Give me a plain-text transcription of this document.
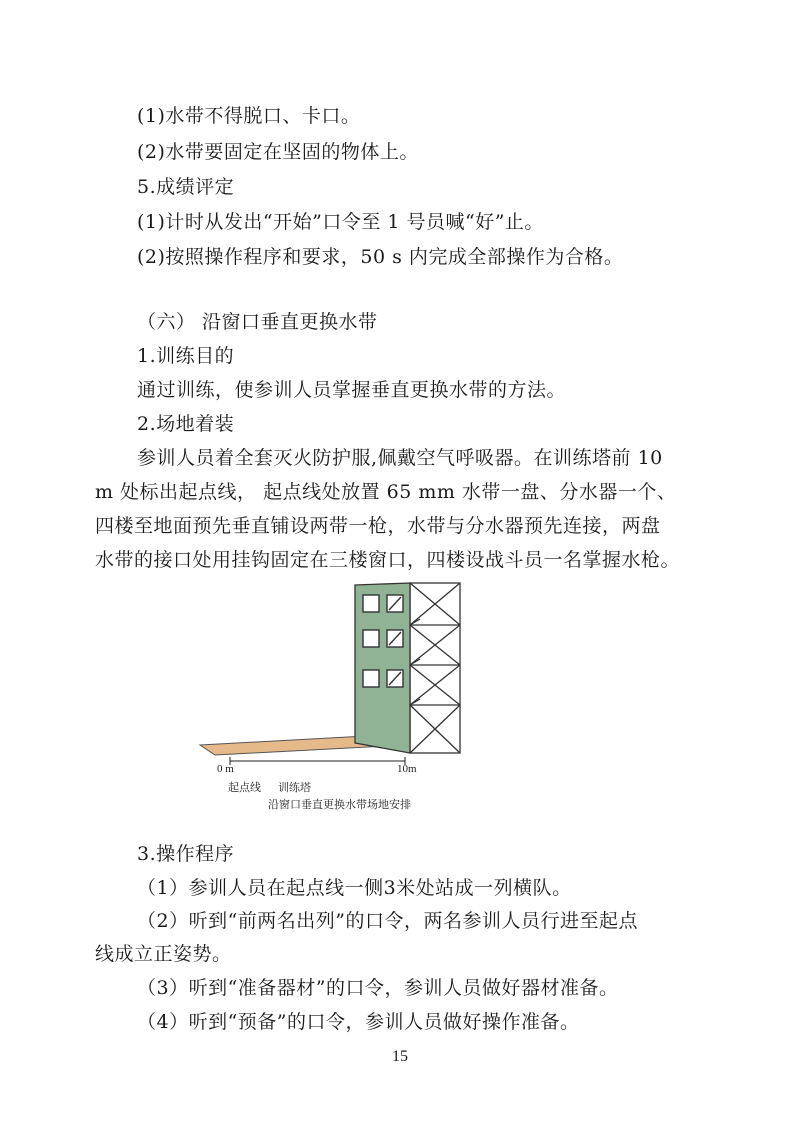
(1)水带不得脱口、卡口。
(2)水带要固定在坚固的物体上。
5.成绩评定
(1)计时从发出“开始”口令至 1 号员喊“好”止。
(2)按照操作程序和要求，50 s 内完成全部操作为合格。
（六） 沿窗口垂直更换水带
1.训练目的
通过训练，使参训人员掌握垂直更换水带的方法。
2.场地着装
参训人员着全套灭火防护服,佩戴空气呼吸器。在训练塔前 10
m 处标出起点线， 起点线处放置 65 mm 水带一盘、分水器一个、
四楼至地面预先垂直铺设两带一枪，水带与分水器预先连接，两盘
水带的接口处用挂钩固定在三楼窗口，四楼设战斗员一名掌握水枪。
0 m	10m
起点线 训练塔
沿窗口垂直更换水带场地安排
3.操作程序
（1）参训人员在起点线一侧3米处站成一列横队。
（2）听到“前两名出列”的口令，两名参训人员行进至起点
线成立正姿势。
（3）听到“准备器材”的口令，参训人员做好器材准备。
（4）听到“预备”的口令，参训人员做好操作准备。
15
